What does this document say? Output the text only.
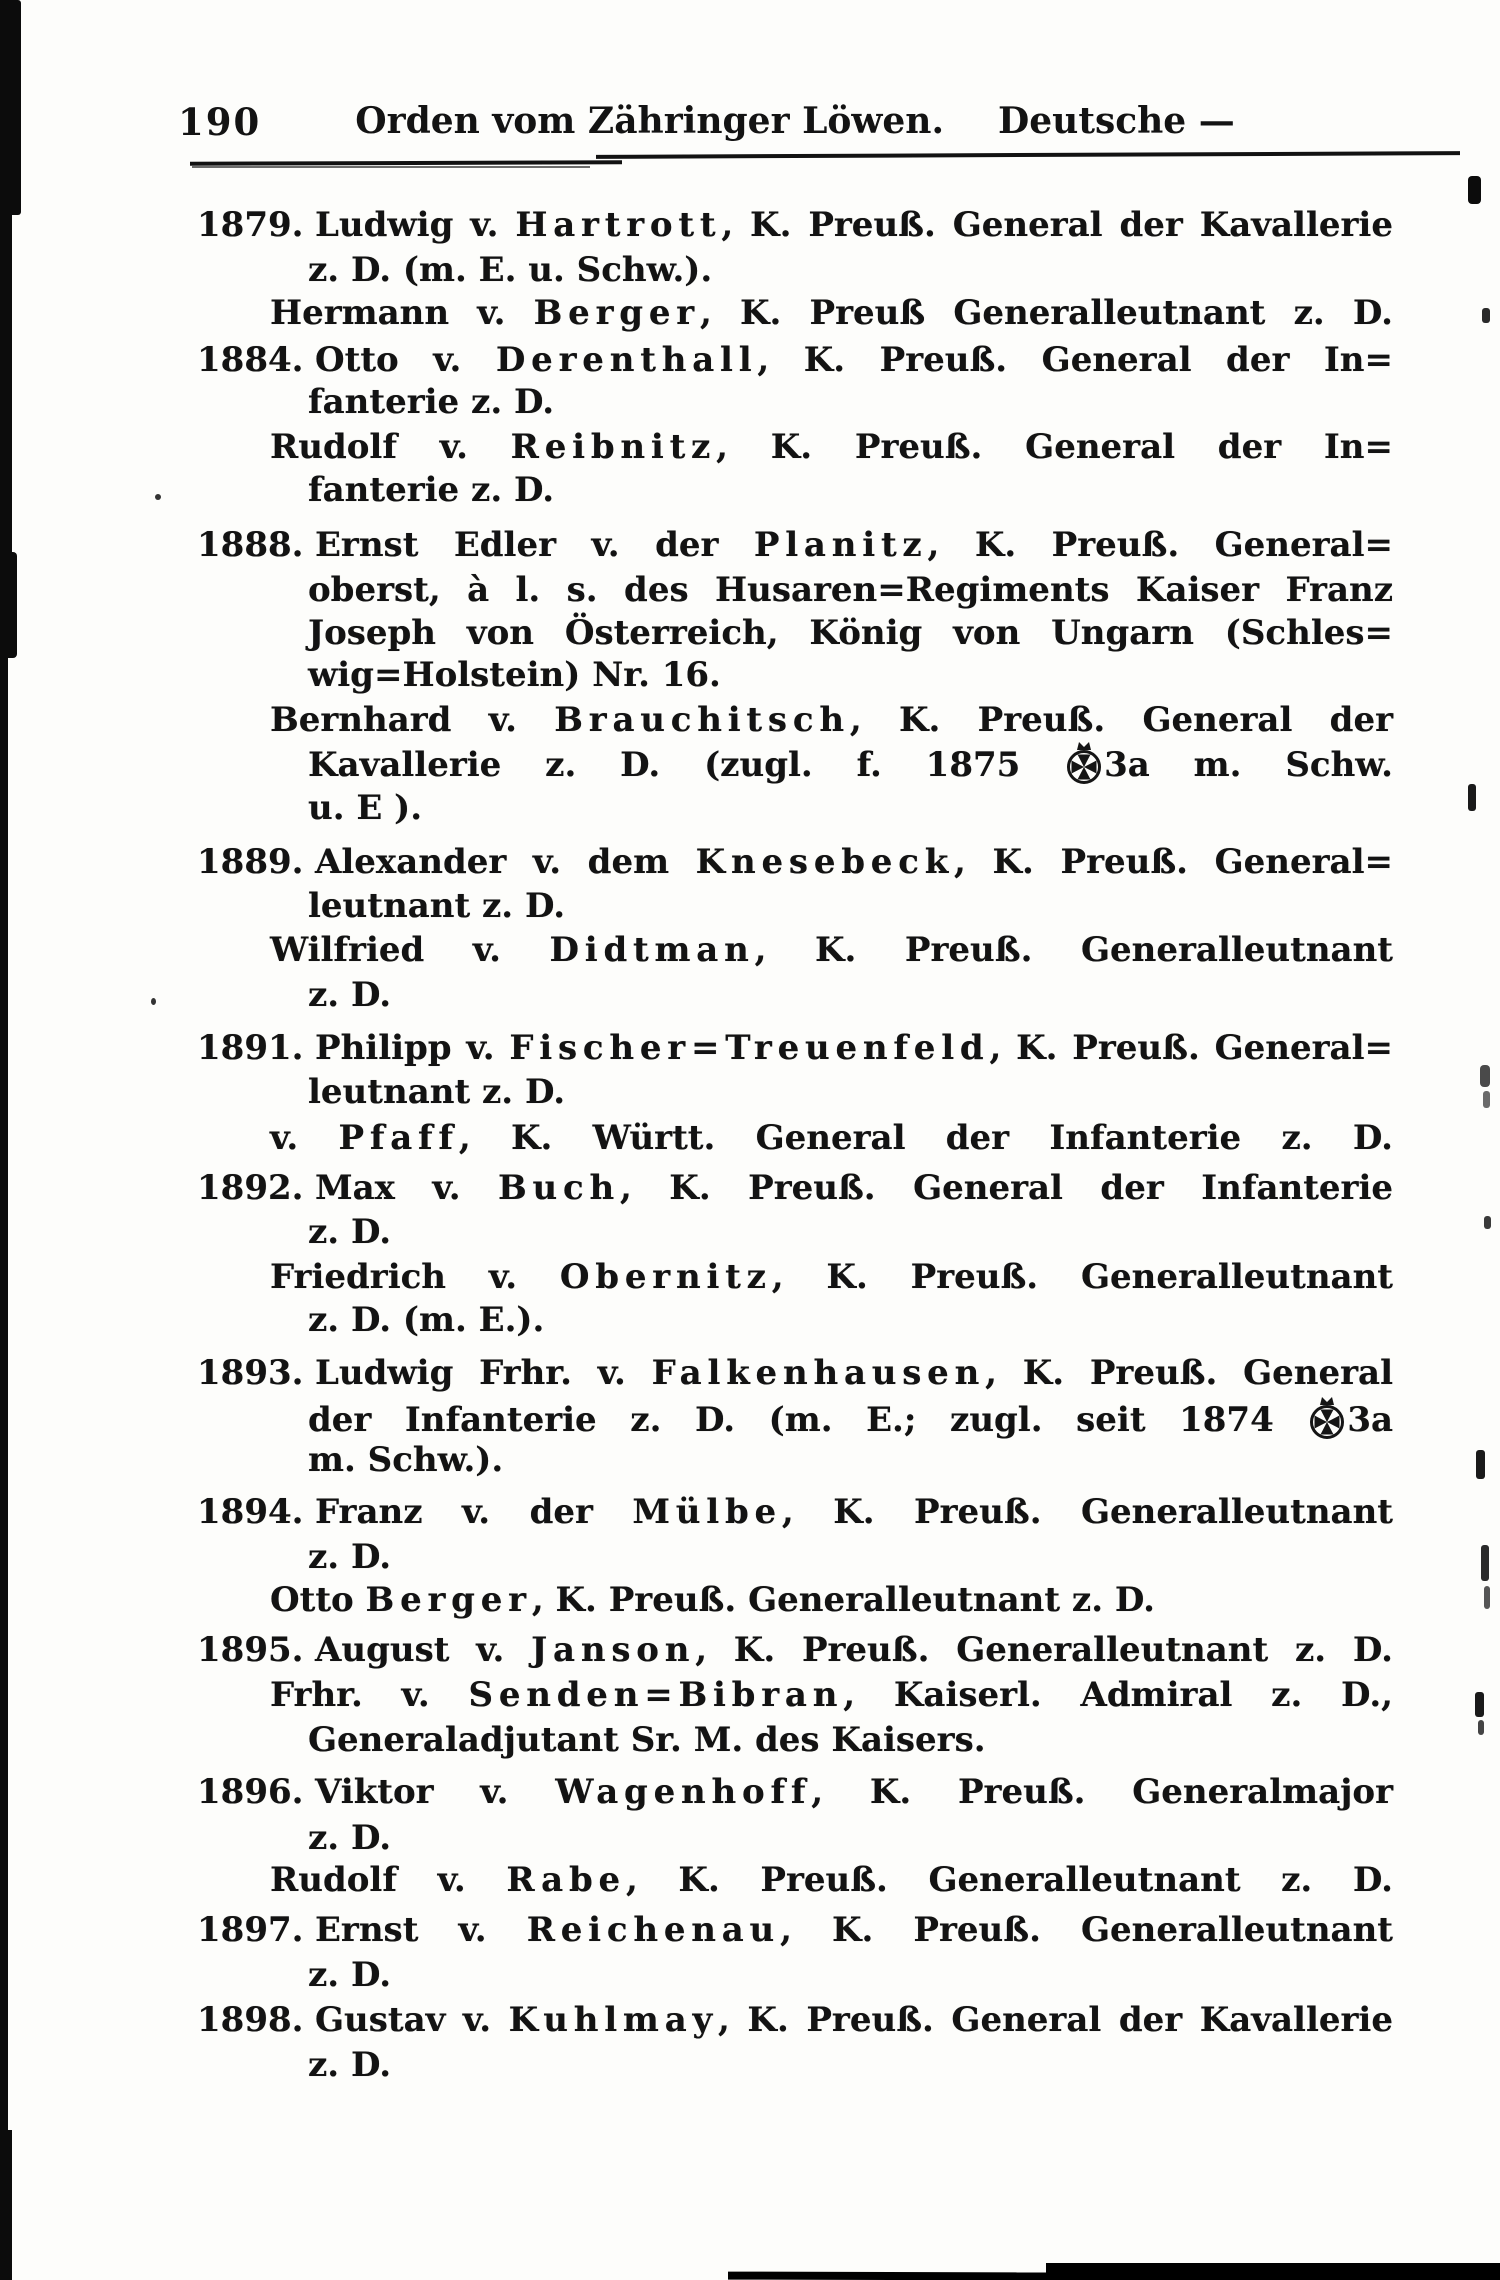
190	Orden vom Zähringer Löwen. Deutsche —
1879. Ludwig v. Hartrott, K. Preuß. General der Kavallerie
z. D. (m. E. u. Schw.).
Hermann v. Berger, K. Preuß Generalleutnant z. D.
1884. Otto v. Derenthall, K. Preuß. General der In=
fanterie z. D.
Rudolf v. Reibnitz, K. Preuß. General der In=
fanterie z. D.
1888. Ernst Edler v. der Planitz, K. Preuß. General=
oberst, à l. s. des Husaren=Regiments Kaiser Franz
Joseph von Österreich, König von Ungarn (Schles=
wig=Holstein) Nr. 16.
Bernhard v. Brauchitsch, K. Preuß. General der
Kavallerie z. D. (zugl. f. 1875
3a m. Schw.
u. E ).
1889. Alexander v. dem Knesebeck, K. Preuß. General=
leutnant z. D.
Wilfried v. Didtman, K. Preuß. Generalleutnant
z. D.
1891. Philipp v. Fischer=Treuenfeld, K. Preuß. General=
leutnant z. D.
v. Pfaff, K. Württ. General der Infanterie z. D.
1892. Max v. Buch, K. Preuß. General der Infanterie
z. D.
Friedrich v. Obernitz, K. Preuß. Generalleutnant
z. D. (m. E.).
1893. Ludwig Frhr. v. Falkenhausen, K. Preuß. General
der Infanterie z. D. (m. E.; zugl. seit 1874
3a
m. Schw.).
1894. Franz v. der Mülbe, K. Preuß. Generalleutnant
z. D.
Otto Berger, K. Preuß. Generalleutnant z. D.
1895. August v. Janson, K. Preuß. Generalleutnant z. D.
Frhr. v. Senden=Bibran, Kaiserl. Admiral z. D.,
Generaladjutant Sr. M. des Kaisers.
1896. Viktor v. Wagenhoff, K. Preuß. Generalmajor
z. D.
Rudolf v. Rabe, K. Preuß. Generalleutnant z. D.
1897. Ernst v. Reichenau, K. Preuß. Generalleutnant
z. D.
1898. Gustav v. Kuhlmay, K. Preuß. General der Kavallerie
z. D.
